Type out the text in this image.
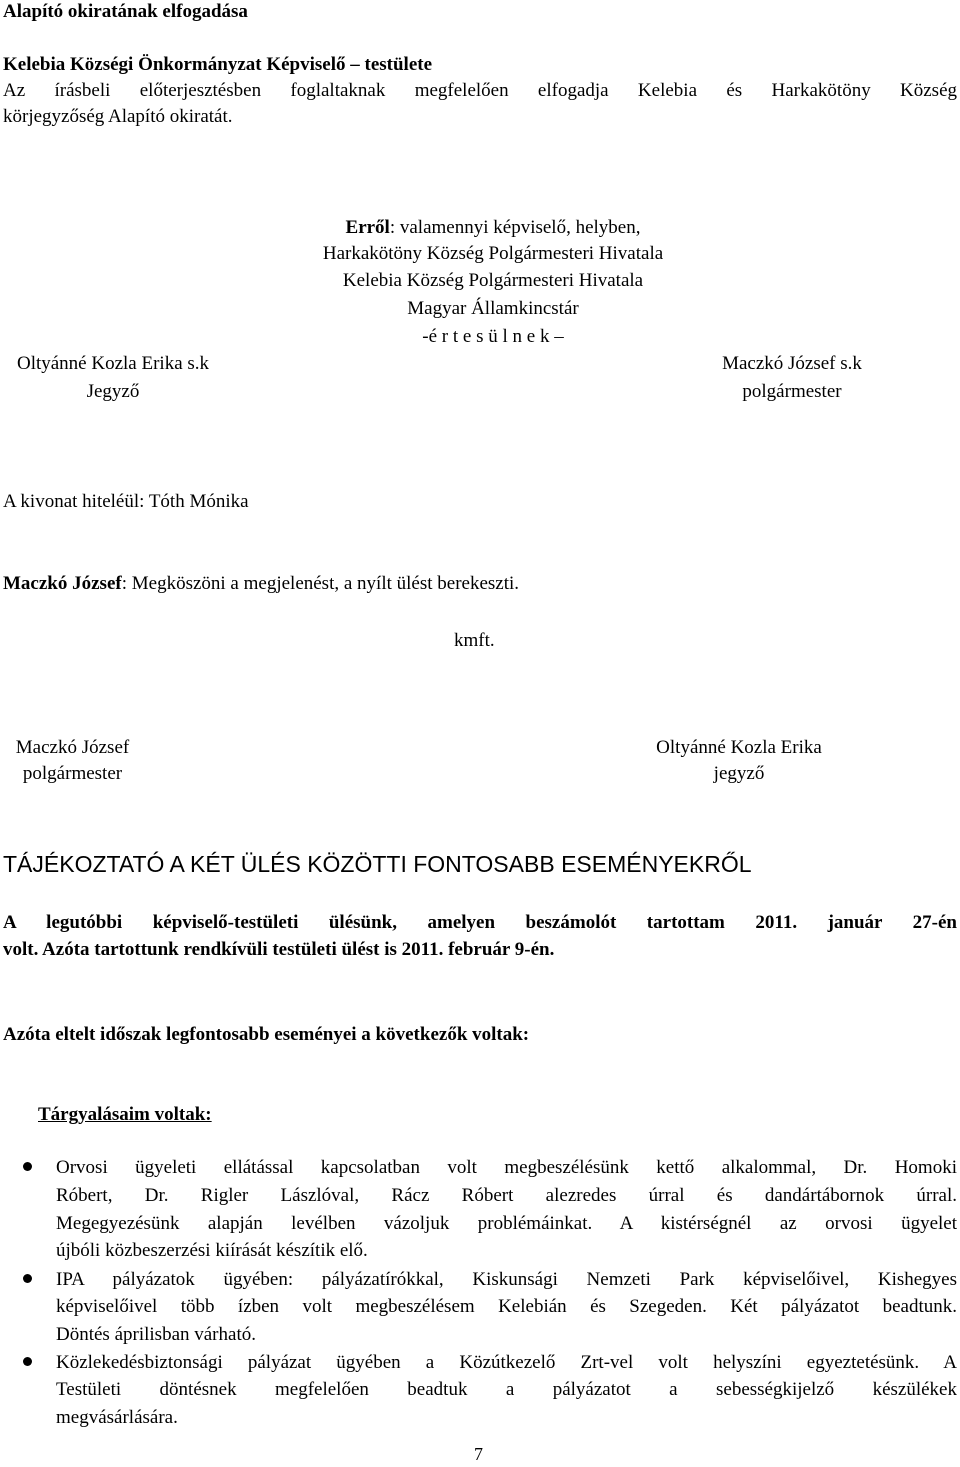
Alapító okiratának elfogadása
Kelebia Községi Önkormányzat Képviselő – testülete
Az írásbeli előterjesztésben foglaltaknak megfelelően elfogadja Kelebia és Harkakötöny Község
körjegyzőség Alapító okiratát.
Erről: valamennyi képviselő, helyben,
Harkakötöny Község Polgármesteri Hivatala
Kelebia Község Polgármesteri Hivatala
Magyar Államkincstár
-é r t e s ü l n e k –
Oltyánné Kozla Erika s.k
Jegyző
Maczkó József s.k
polgármester
A kivonat hiteléül: Tóth Mónika
Maczkó József: Megköszöni a megjelenést, a nyílt ülést berekeszti.
kmft.
Maczkó József
polgármester
Oltyánné Kozla Erika
jegyző
TÁJÉKOZTATÓ A KÉT ÜLÉS KÖZÖTTI FONTOSABB ESEMÉNYEKRŐL
A legutóbbi képviselő-testületi ülésünk, amelyen beszámolót tartottam 2011. január 27-én
volt. Azóta tartottunk rendkívüli testületi ülést is 2011. február 9-én.
Azóta eltelt időszak legfontosabb eseményei a következők voltak:
Tárgyalásaim voltak:
Orvosi ügyeleti ellátással kapcsolatban volt megbeszélésünk kettő alkalommal, Dr. Homoki
Róbert, Dr. Rigler Lászlóval, Rácz Róbert alezredes úrral és dandártábornok úrral.
Megegyezésünk alapján levélben vázoljuk problémáinkat. A kistérségnél az orvosi ügyelet
újbóli közbeszerzési kiírását készítik elő.
IPA pályázatok ügyében: pályázatírókkal, Kiskunsági Nemzeti Park képviselőivel, Kishegyes
képviselőivel több ízben volt megbeszélésem Kelebián és Szegeden. Két pályázatot beadtunk.
Döntés áprilisban várható.
Közlekedésbiztonsági pályázat ügyében a Közútkezelő Zrt-vel volt helyszíni egyeztetésünk. A
Testületi döntésnek megfelelően beadtuk a pályázatot a sebességkijelző készülékek
megvásárlására.
7
